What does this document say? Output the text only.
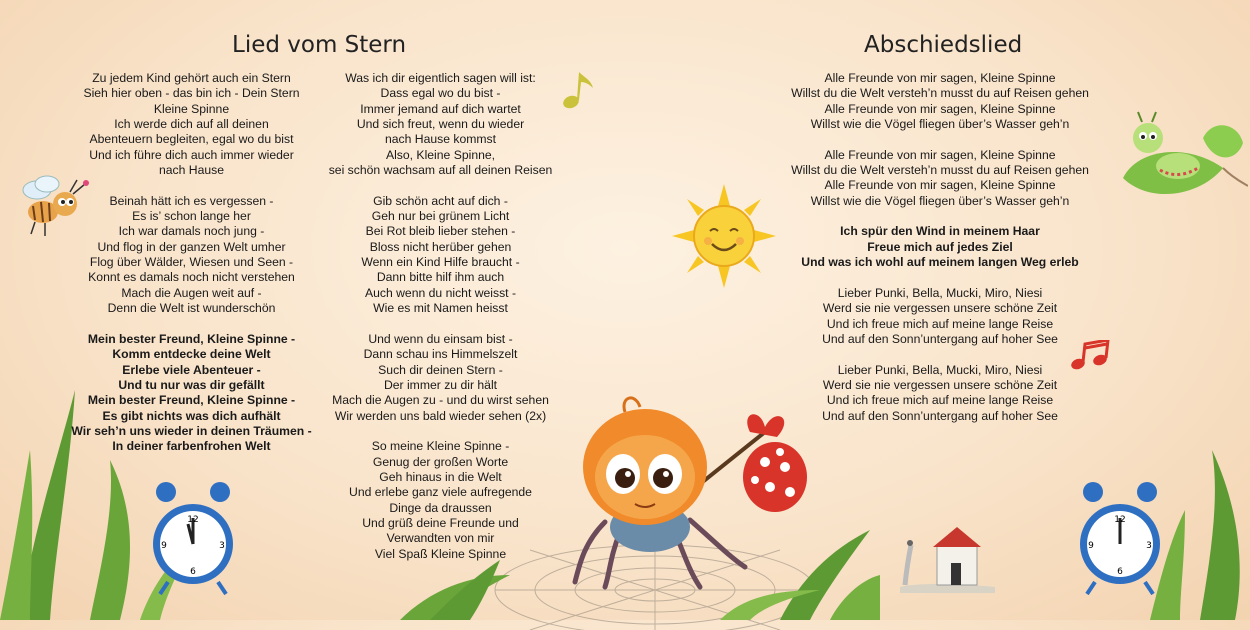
12
3
6
9
12
3
6
9
Lied vom Stern

Zu jedem Kind gehört auch ein Stern
Sieh hier oben - das bin ich - Dein Stern
Kleine Spinne
Ich werde dich auf all deinen
Abenteuern begleiten, egal wo du bist
Und ich führe dich auch immer wieder
nach Hause

Beinah hätt ich es vergessen -
Es is’ schon lange her
Ich war damals noch jung -
Und flog in der ganzen Welt umher
Flog über Wälder, Wiesen und Seen -
Konnt es damals noch nicht verstehen
Mach die Augen weit auf -
Denn die Welt ist wunderschön

Mein bester Freund, Kleine Spinne -
Komm entdecke deine Welt
Erlebe viele Abenteuer -
Und tu nur was dir gefällt
Mein bester Freund, Kleine Spinne -
Es gibt nichts was dich aufhält
Wir seh’n uns wieder in deinen Träumen -
In deiner farbenfrohen Welt

Was ich dir eigentlich sagen will ist:
Dass egal wo du bist -
Immer jemand auf dich wartet
Und sich freut, wenn du wieder
nach Hause kommst
Also, Kleine Spinne,
sei schön wachsam auf all deinen Reisen

Gib schön acht auf dich -
Geh nur bei grünem Licht
Bei Rot bleib lieber stehen -
Bloss nicht herüber gehen
Wenn ein Kind Hilfe braucht -
Dann bitte hilf ihm auch
Auch wenn du nicht weisst -
Wie es mit Namen heisst

Und wenn du einsam bist -
Dann schau ins Himmelszelt
Such dir deinen Stern -
Der immer zu dir hält
Mach die Augen zu - und du wirst sehen
Wir werden uns bald wieder sehen (2x)

So meine Kleine Spinne -
Genug der großen Worte
Geh hinaus in die Welt
Und erlebe ganz viele aufregende
Dinge da draussen
Und grüß deine Freunde und
Verwandten von mir
Viel Spaß Kleine Spinne

Abschiedslied

Alle Freunde von mir sagen, Kleine Spinne
Willst du die Welt versteh’n musst du auf Reisen gehen
Alle Freunde von mir sagen, Kleine Spinne
Willst wie die Vögel fliegen über’s Wasser geh’n

Alle Freunde von mir sagen, Kleine Spinne
Willst du die Welt versteh’n musst du auf Reisen gehen
Alle Freunde von mir sagen, Kleine Spinne
Willst wie die Vögel fliegen über’s Wasser geh’n

Ich spür den Wind in meinem Haar
Freue mich auf jedes Ziel
Und was ich wohl auf meinem langen Weg erleb

Lieber Punki, Bella, Mucki, Miro, Niesi
Werd sie nie vergessen unsere schöne Zeit
Und ich freue mich auf meine lange Reise
Und auf den Sonn’untergang auf hoher See

Lieber Punki, Bella, Mucki, Miro, Niesi
Werd sie nie vergessen unsere schöne Zeit
Und ich freue mich auf meine lange Reise
Und auf den Sonn’untergang auf hoher See
